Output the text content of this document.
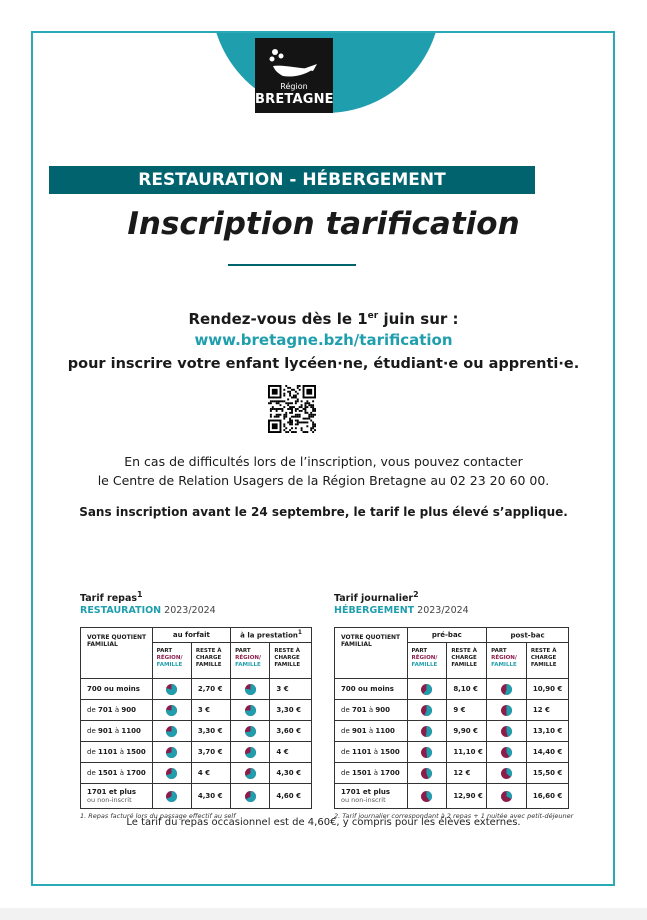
Région
BRETAGNE
RESTAURATION - HÉBERGEMENT
Inscription tarification
Rendez-vous dès le 1er juin sur :
www.bretagne.bzh/tarification
pour inscrire votre enfant lycéen·ne, étudiant·e ou apprenti·e.
En cas de difficultés lors de l’inscription, vous pouvez contacter
le Centre de Relation Usagers de la Région Bretagne au 02 23 20 60 00.
Sans inscription avant le 24 septembre, le tarif le plus élevé s’applique.
Tarif repas$^1$
RESTAURATION 2023/2024
VOTRE QUOTIENT FAMILIAL	au forfait		à la prestation$^1$
	PART
RÉGION/
FAMILLE	RESTE À CHARGE FAMILLE	PART
RÉGION/
FAMILLE	RESTE À CHARGE FAMILLE
700 ou moins		2,70 €		3 €
de 701 à 900		3 €		3,30 €
de 901 à 1100		3,30 €		3,60 €
de 1101 à 1500		3,70 €		4 €
de 1501 à 1700		4 €		4,30 €
1701 et plus
ou non-inscrit		4,30 €		4,60 €
1. Repas facturé lors du passage effectif au self
Tarif journalier$^2$
HÉBERGEMENT 2023/2024
VOTRE QUOTIENT FAMILIAL	pré-bac		post-bac	
	PART
RÉGION/
FAMILLE	RESTE À CHARGE FAMILLE	PART
RÉGION/
FAMILLE	RESTE À CHARGE FAMILLE
700 ou moins		8,10 €		10,90 €
de 701 à 900		9 €		12 €
de 901 à 1100		9,90 €		13,10 €
de 1101 à 1500		11,10 €		14,40 €
de 1501 à 1700		12 €		15,50 €
1701 et plus
ou non-inscrit		12,90 €		16,60 €
2. Tarif journalier correspondant à 2 repas + 1 nuitée avec petit-déjeuner
Le tarif du repas occasionnel est de 4,60€, y compris pour les élèves externes.
